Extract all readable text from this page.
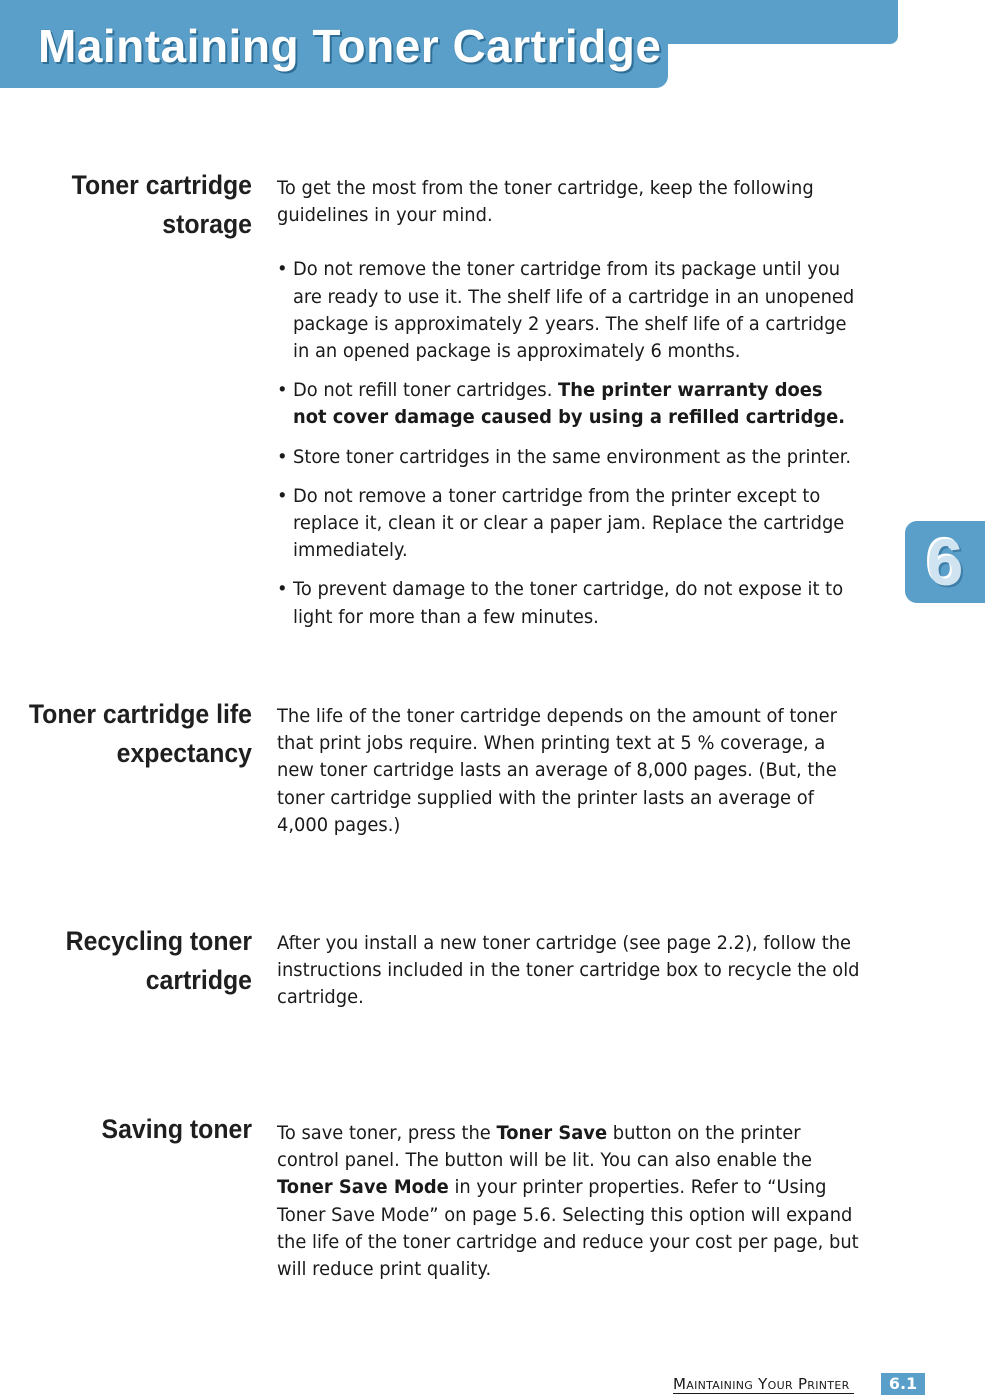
Maintaining Toner Cartridge
6
Toner cartridge
storage

To get the most from the toner cartridge, keep the following guidelines in your mind.

• Do not remove the toner cartridge from its package until you are ready to use it. The shelf life of a cartridge in an unopened package is approximately 2 years. The shelf life of a cartridge in an opened package is approximately 6 months.
• Do not refill toner cartridges. The printer warranty does not cover damage caused by using a refilled cartridge.
• Store toner cartridges in the same environment as the printer.
• Do not remove a toner cartridge from the printer except to replace it, clean it or clear a paper jam. Replace the cartridge immediately.
• To prevent damage to the toner cartridge, do not expose it to light for more than a few minutes.
Toner cartridge life
expectancy

The life of the toner cartridge depends on the amount of toner that print jobs require. When printing text at 5 % coverage, a new toner cartridge lasts an average of 8,000 pages. (But, the toner cartridge supplied with the printer lasts an average of 4,000 pages.)

Recycling toner
cartridge

After you install a new toner cartridge (see page 2.2), follow the instructions included in the toner cartridge box to recycle the old cartridge.

Saving toner To save toner, press the Toner Save button on the printer control panel. The button will be lit. You can also enable the Toner Save Mode in your printer properties. Refer to “Using Toner Save Mode” on page 5.6. Selecting this option will expand the life of the toner cartridge and reduce your cost per page, but will reduce print quality.

Maintaining Your Printer	6.1
